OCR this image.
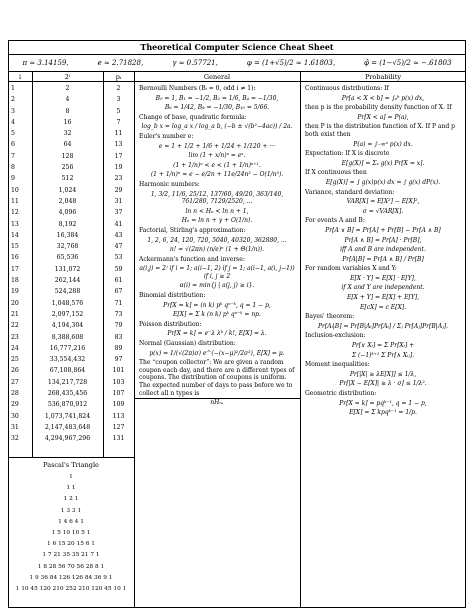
Theoretical Computer Science Cheat Sheet
π ≈ 3.14159,	e ≈ 2.71828,	γ ≈ 0.57721,	φ = (1+√5)/2 ≈ 1.61803,	φ̂ = (1−√5)/2 ≈ −.61803
i	2ⁱ	pᵢ	General	Probability
1	2	2
2	4	3
3	8	5
4	16	7
5	32	11
6	64	13
7	128	17
8	256	19
9	512	23
10	1,024	29
11	2,048	31
12	4,096	37
13	8,192	41
14	16,384	43
15	32,768	47
16	65,536	53
17	131,072	59
18	262,144	61
19	524,288	67
20	1,048,576	71
21	2,097,152	73
22	4,194,304	79
23	8,388,608	83
24	16,777,216	89
25	33,554,432	97
26	67,108,864	101
27	134,217,728	103
28	268,435,456	107
29	536,870,912	109
30	1,073,741,824	113
31	2,147,483,648	127
32	4,294,967,296	131
Pascal's Triangle
1
1 1
1 2 1
1 3 3 1
1 4 6 4 1
1 5 10 10 5 1
1 6 15 20 15 6 1
1 7 21 35 35 21 7 1
1 8 28 56 70 56 28 8 1
1 9 36 84 126 126 84 36 9 1
1 10 45 120 210 252 210 120 45 10 1

Bernoulli Numbers (Bᵢ = 0, odd i ≠ 1):

B₀ = 1, B₁ = −1/2, B₂ = 1/6, B₄ = −1/30,

B₆ = 1/42, B₈ = −1/30, B₁₀ = 5/66.

Change of base, quadratic formula:

log_b x = log_a x / log_a b, (−b ± √(b²−4ac)) / 2a.

Euler's number e:

e = 1 + 1/2 + 1/6 + 1/24 + 1/120 + ···

lim (1 + x/n)ⁿ = eˣ.

(1 + 1/n)ⁿ < e < (1 + 1/n)ⁿ⁺¹.

(1 + 1/n)ⁿ = e − e/2n + 11e/24n² − O(1/n³).

Harmonic numbers:

1, 3/2, 11/6, 25/12, 137/60, 49/20, 363/140, 761/280, 7129/2520, ...

ln n < Hₙ < ln n + 1,

Hₙ = ln n + γ + O(1/n).

Factorial, Stirling's approximation:

1, 2, 6, 24, 120, 720, 5040, 40320, 362880, ...

n! = √(2πn) (n/e)ⁿ (1 + Θ(1/n)).

Ackermann's function and inverse:

a(i,j) = 2ʲ if i = 1; a(i−1, 2) if j = 1; a(i−1, a(i, j−1)) if i, j ≥ 2

α(i) = min{j | a(j, j) ≥ i}.

Binomial distribution:

Pr[X = k] = (n k) pᵏ qⁿ⁻ᵏ, q = 1 − p,

E[X] = Σ k (n k) pᵏ qⁿ⁻ᵏ = np.

Poisson distribution:

Pr[X = k] = e⁻λ λᵏ / k!, E[X] = λ.

Normal (Gaussian) distribution:

p(x) = 1/(√(2π)σ) e^(−(x−μ)²/2σ²), E[X] = μ.

The “coupon collector”: We are given a random coupon each day, and there are n different types of coupons. The distribution of coupons is uniform. The expected number of days to pass before we to collect all n types is

nHₙ.

Continuous distributions: If

Pr[a < X < b] = ∫ₐᵇ p(x) dx,

then p is the probability density function of X. If

Pr[X < a] = P(a),

then P is the distribution function of X. If P and p both exist then

P(a) = ∫₋∞ᵃ p(x) dx.

Expectation: If X is discrete

E[g(X)] = Σₓ g(x) Pr[X = x].

If X continuous then

E[g(X)] = ∫ g(x)p(x) dx = ∫ g(x) dP(x).

Variance, standard deviation:

VAR[X] = E[X²] − E[X]²,

σ = √VAR[X].

For events A and B:

Pr[A ∨ B] = Pr[A] + Pr[B] − Pr[A ∧ B]

Pr[A ∧ B] = Pr[A] · Pr[B],

iff A and B are independent.

Pr[A|B] = Pr[A ∧ B] / Pr[B]

For random variables X and Y:

E[X · Y] = E[X] · E[Y],

if X and Y are independent.

E[X + Y] = E[X] + E[Y],

E[cX] = c E[X].

Bayes' theorem:

Pr[Aᵢ|B] = Pr[B|Aᵢ]Pr[Aᵢ] / Σⱼ Pr[Aⱼ]Pr[B|Aⱼ].

Inclusion-exclusion:

Pr[∨ Xᵢ] = Σ Pr[Xᵢ] +

Σ (−1)ᵏ⁺¹ Σ Pr[∧ Xᵢⱼ].

Moment inequalities:

Pr[|X| ≥ λE[X]] ≤ 1/λ,

Pr[|X − E[X]| ≥ λ · σ] ≤ 1/λ².

Geometric distribution:

Pr[X = k] = pqᵏ⁻¹, q = 1 − p,

E[X] = Σ kpqᵏ⁻¹ = 1/p.
